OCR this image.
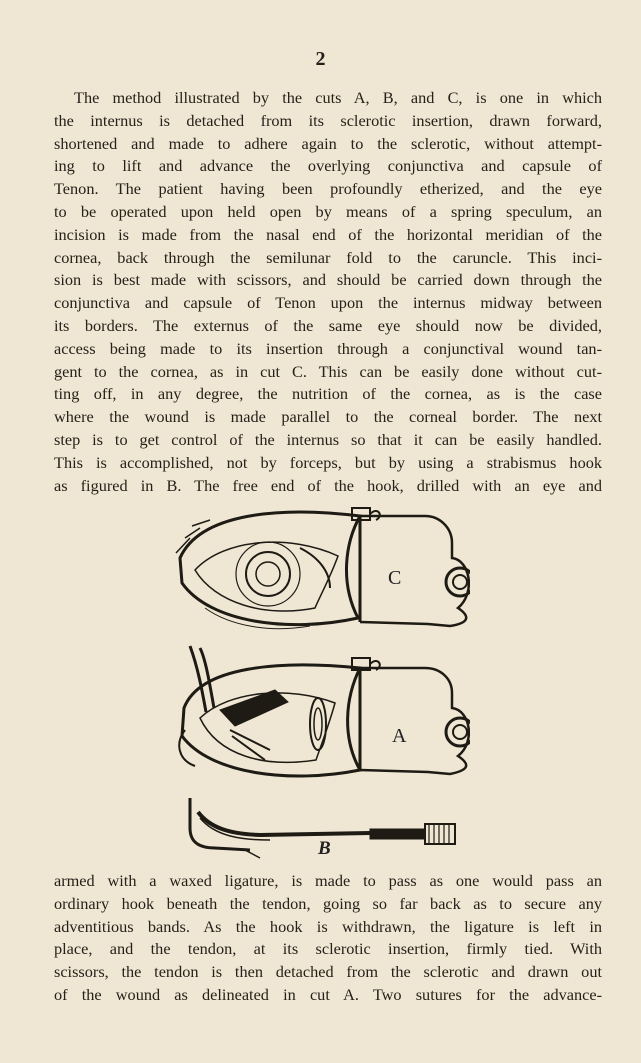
2
The method illustrated by the cuts A, B, and C, is one in which
the internus is detached from its sclerotic insertion, drawn forward,
shortened and made to adhere again to the sclerotic, without attempt-
ing to lift and advance the overlying conjunctiva and capsule of
Tenon. The patient having been profoundly etherized, and the eye
to be operated upon held open by means of a spring speculum, an
incision is made from the nasal end of the horizontal meridian of the
cornea, back through the semilunar fold to the caruncle. This inci-
sion is best made with scissors, and should be carried down through the
conjunctiva and capsule of Tenon upon the internus midway between
its borders. The externus of the same eye should now be divided,
access being made to its insertion through a conjunctival wound tan-
gent to the cornea, as in cut C. This can be easily done without cut-
ting off, in any degree, the nutrition of the cornea, as is the case
where the wound is made parallel to the corneal border. The next
step is to get control of the internus so that it can be easily handled.
This is accomplished, not by forceps, but by using a strabismus hook
as figured in B. The free end of the hook, drilled with an eye and
C
A
B
armed with a waxed ligature, is made to pass as one would pass an
ordinary hook beneath the tendon, going so far back as to secure any
adventitious bands. As the hook is withdrawn, the ligature is left in
place, and the tendon, at its sclerotic insertion, firmly tied. With
scissors, the tendon is then detached from the sclerotic and drawn out
of the wound as delineated in cut A. Two sutures for the advance-
